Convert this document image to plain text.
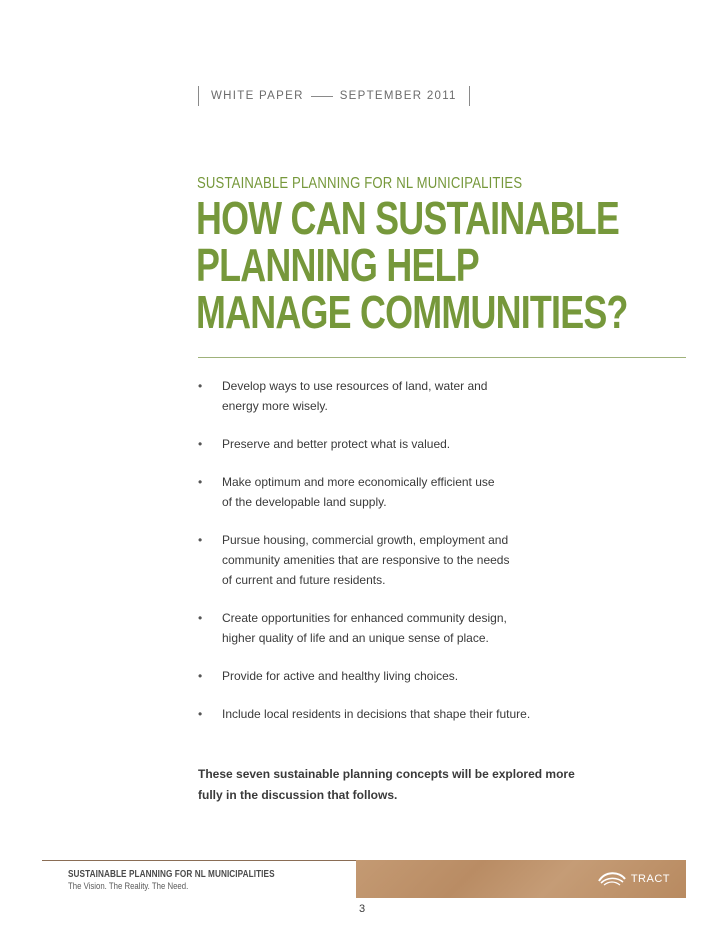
WHITE PAPER	SEPTEMBER 2011
SUSTAINABLE PLANNING FOR NL MUNICIPALITIES
HOW CAN SUSTAINABLE
PLANNING HELP
MANAGE COMMUNITIES?
• Develop ways to use resources of land, water and
energy more wisely.
• Preserve and better protect what is valued.
• Make optimum and more economically efficient use
of the developable land supply.
• Pursue housing, commercial growth, employment and
community amenities that are responsive to the needs
of current and future residents.
• Create opportunities for enhanced community design,
higher quality of life and an unique sense of place.
• Provide for active and healthy living choices.
• Include local residents in decisions that shape their future.
These seven sustainable planning concepts will be explored more
fully in the discussion that follows.
SUSTAINABLE PLANNING FOR NL MUNICIPALITIES
The Vision. The Reality. The Need.
TRACT
3
